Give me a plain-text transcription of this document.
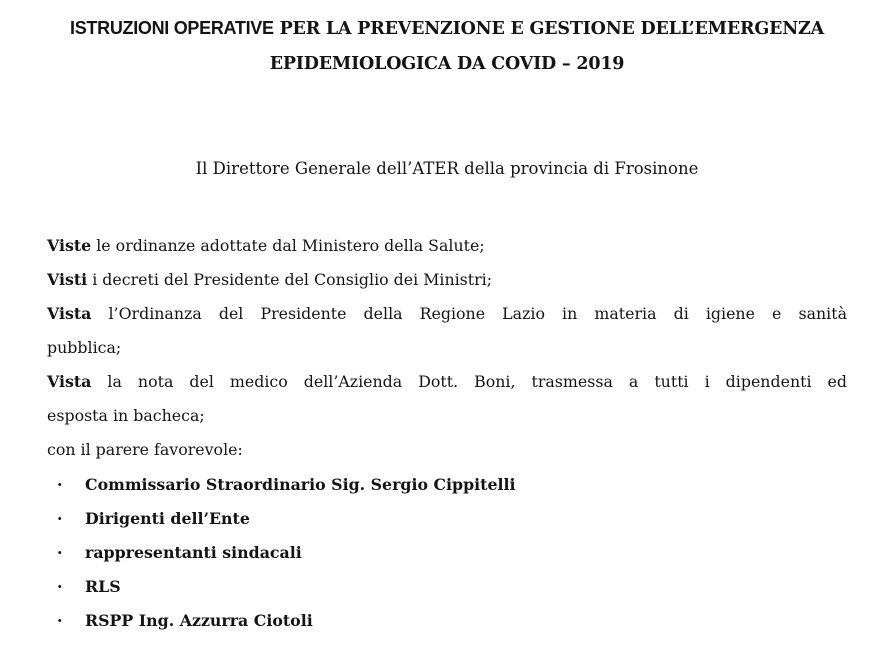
ISTRUZIONI OPERATIVE PER LA PREVENZIONE E GESTIONE DELL’EMERGENZA
EPIDEMIOLOGICA DA COVID – 2019
Il Direttore Generale dell’ATER della provincia di Frosinone
Viste le ordinanze adottate dal Ministero della Salute;
Visti i decreti del Presidente del Consiglio dei Ministri;
Vista l’Ordinanza del Presidente della Regione Lazio in materia di igiene e sanità
pubblica;
Vista la nota del medico dell’Azienda Dott. Boni, trasmessa a tutti i dipendenti ed
esposta in bacheca;
con il parere favorevole:
· Commissario Straordinario Sig. Sergio Cippitelli
· Dirigenti dell’Ente
· rappresentanti sindacali
· RLS
· RSPP Ing. Azzurra Ciotoli
